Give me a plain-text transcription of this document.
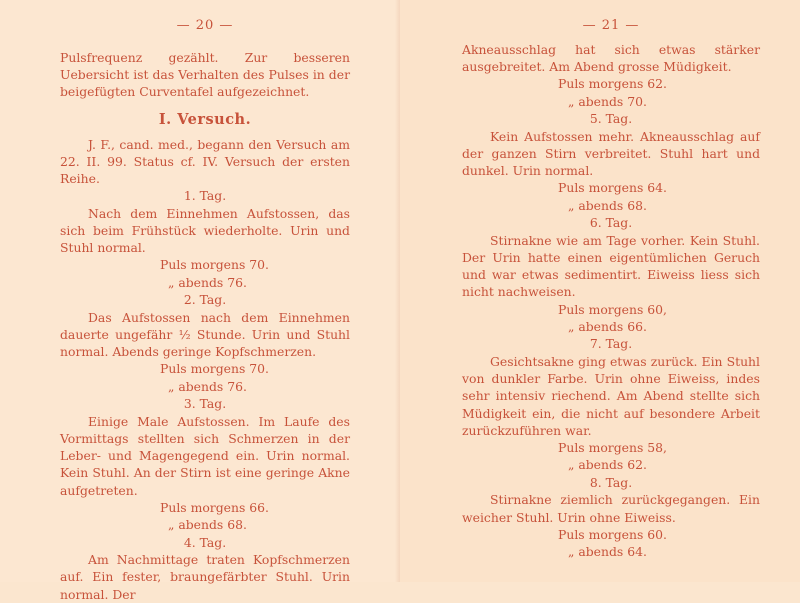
— 20 —

Pulsfrequenz gezählt. Zur besseren Uebersicht ist das Verhalten des Pulses in der beigefügten Curventafel aufgezeichnet.

I. Versuch.

J. F., cand. med., begann den Versuch am 22. II. 99. Status cf. IV. Versuch der ersten Reihe.

1. Tag.

Nach dem Einnehmen Aufstossen, das sich beim Frühstück wiederholte. Urin und Stuhl normal.

Puls morgens 70.
„ abends 76.
2. Tag.

Das Aufstossen nach dem Einnehmen dauerte ungefähr ½ Stunde. Urin und Stuhl normal. Abends geringe Kopfschmerzen.

Puls morgens 70.
„ abends 76.
3. Tag.

Einige Male Aufstossen. Im Laufe des Vormittags stellten sich Schmerzen in der Leber- und Magengegend ein. Urin normal. Kein Stuhl. An der Stirn ist eine geringe Akne aufgetreten.

Puls morgens 66.
„ abends 68.
4. Tag.

Am Nachmittage traten Kopfschmerzen auf. Ein fester, braungefärbter Stuhl. Urin normal. Der

— 21 —

Akneausschlag hat sich etwas stärker ausgebreitet. Am Abend grosse Müdigkeit.

Puls morgens 62.
„ abends 70.
5. Tag.

Kein Aufstossen mehr. Akneausschlag auf der ganzen Stirn verbreitet. Stuhl hart und dunkel. Urin normal.

Puls morgens 64.
„ abends 68.
6. Tag.

Stirnakne wie am Tage vorher. Kein Stuhl. Der Urin hatte einen eigentümlichen Geruch und war etwas sedimentirt. Eiweiss liess sich nicht nachweisen.

Puls morgens 60,
„ abends 66.
7. Tag.

Gesichtsakne ging etwas zurück. Ein Stuhl von dunkler Farbe. Urin ohne Eiweiss, indes sehr intensiv riechend. Am Abend stellte sich Müdigkeit ein, die nicht auf besondere Arbeit zurückzuführen war.

Puls morgens 58,
„ abends 62.
8. Tag.

Stirnakne ziemlich zurückgegangen. Ein weicher Stuhl. Urin ohne Eiweiss.

Puls morgens 60.
„ abends 64.
